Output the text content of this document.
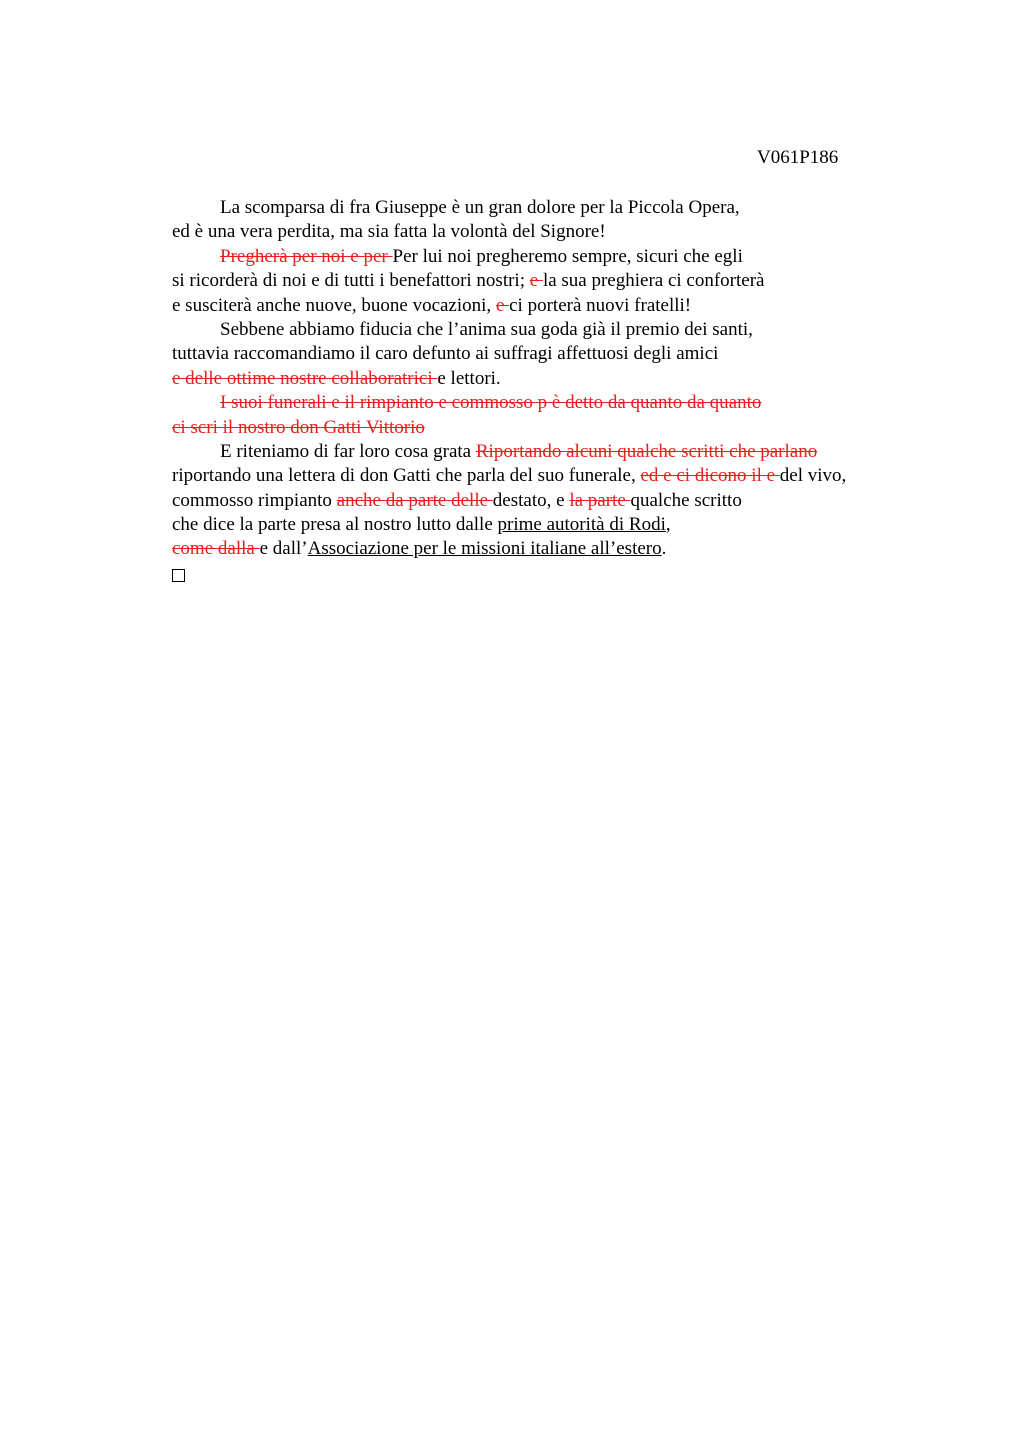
V061P186
La scomparsa di fra Giuseppe è un gran dolore per la Piccola Opera,
ed è una vera perdita, ma sia fatta la volontà del Signore!
Pregherà per noi e per Per lui noi pregheremo sempre, sicuri che egli
si ricorderà di noi e di tutti i benefattori nostri; e la sua preghiera ci conforterà
e susciterà anche nuove, buone vocazioni, e ci porterà nuovi fratelli!
Sebbene abbiamo fiducia che l’anima sua goda già il premio dei santi,
tuttavia raccomandiamo il caro defunto ai suffragi affettuosi degli amici
e delle ottime nostre collaboratrici e lettori.
I suoi funerali e il rimpianto e commosso p è detto da quanto da quanto
ci scri il nostro don Gatti Vittorio
E riteniamo di far loro cosa grata Riportando alcuni qualche scritti che parlano
riportando una lettera di don Gatti che parla del suo funerale, ed e ci dicono il e del vivo,
commosso rimpianto anche da parte delle destato, e la parte qualche scritto
che dice la parte presa al nostro lutto dalle prime autorità di Rodi,
come dalla e dall’Associazione per le missioni italiane all’estero.
